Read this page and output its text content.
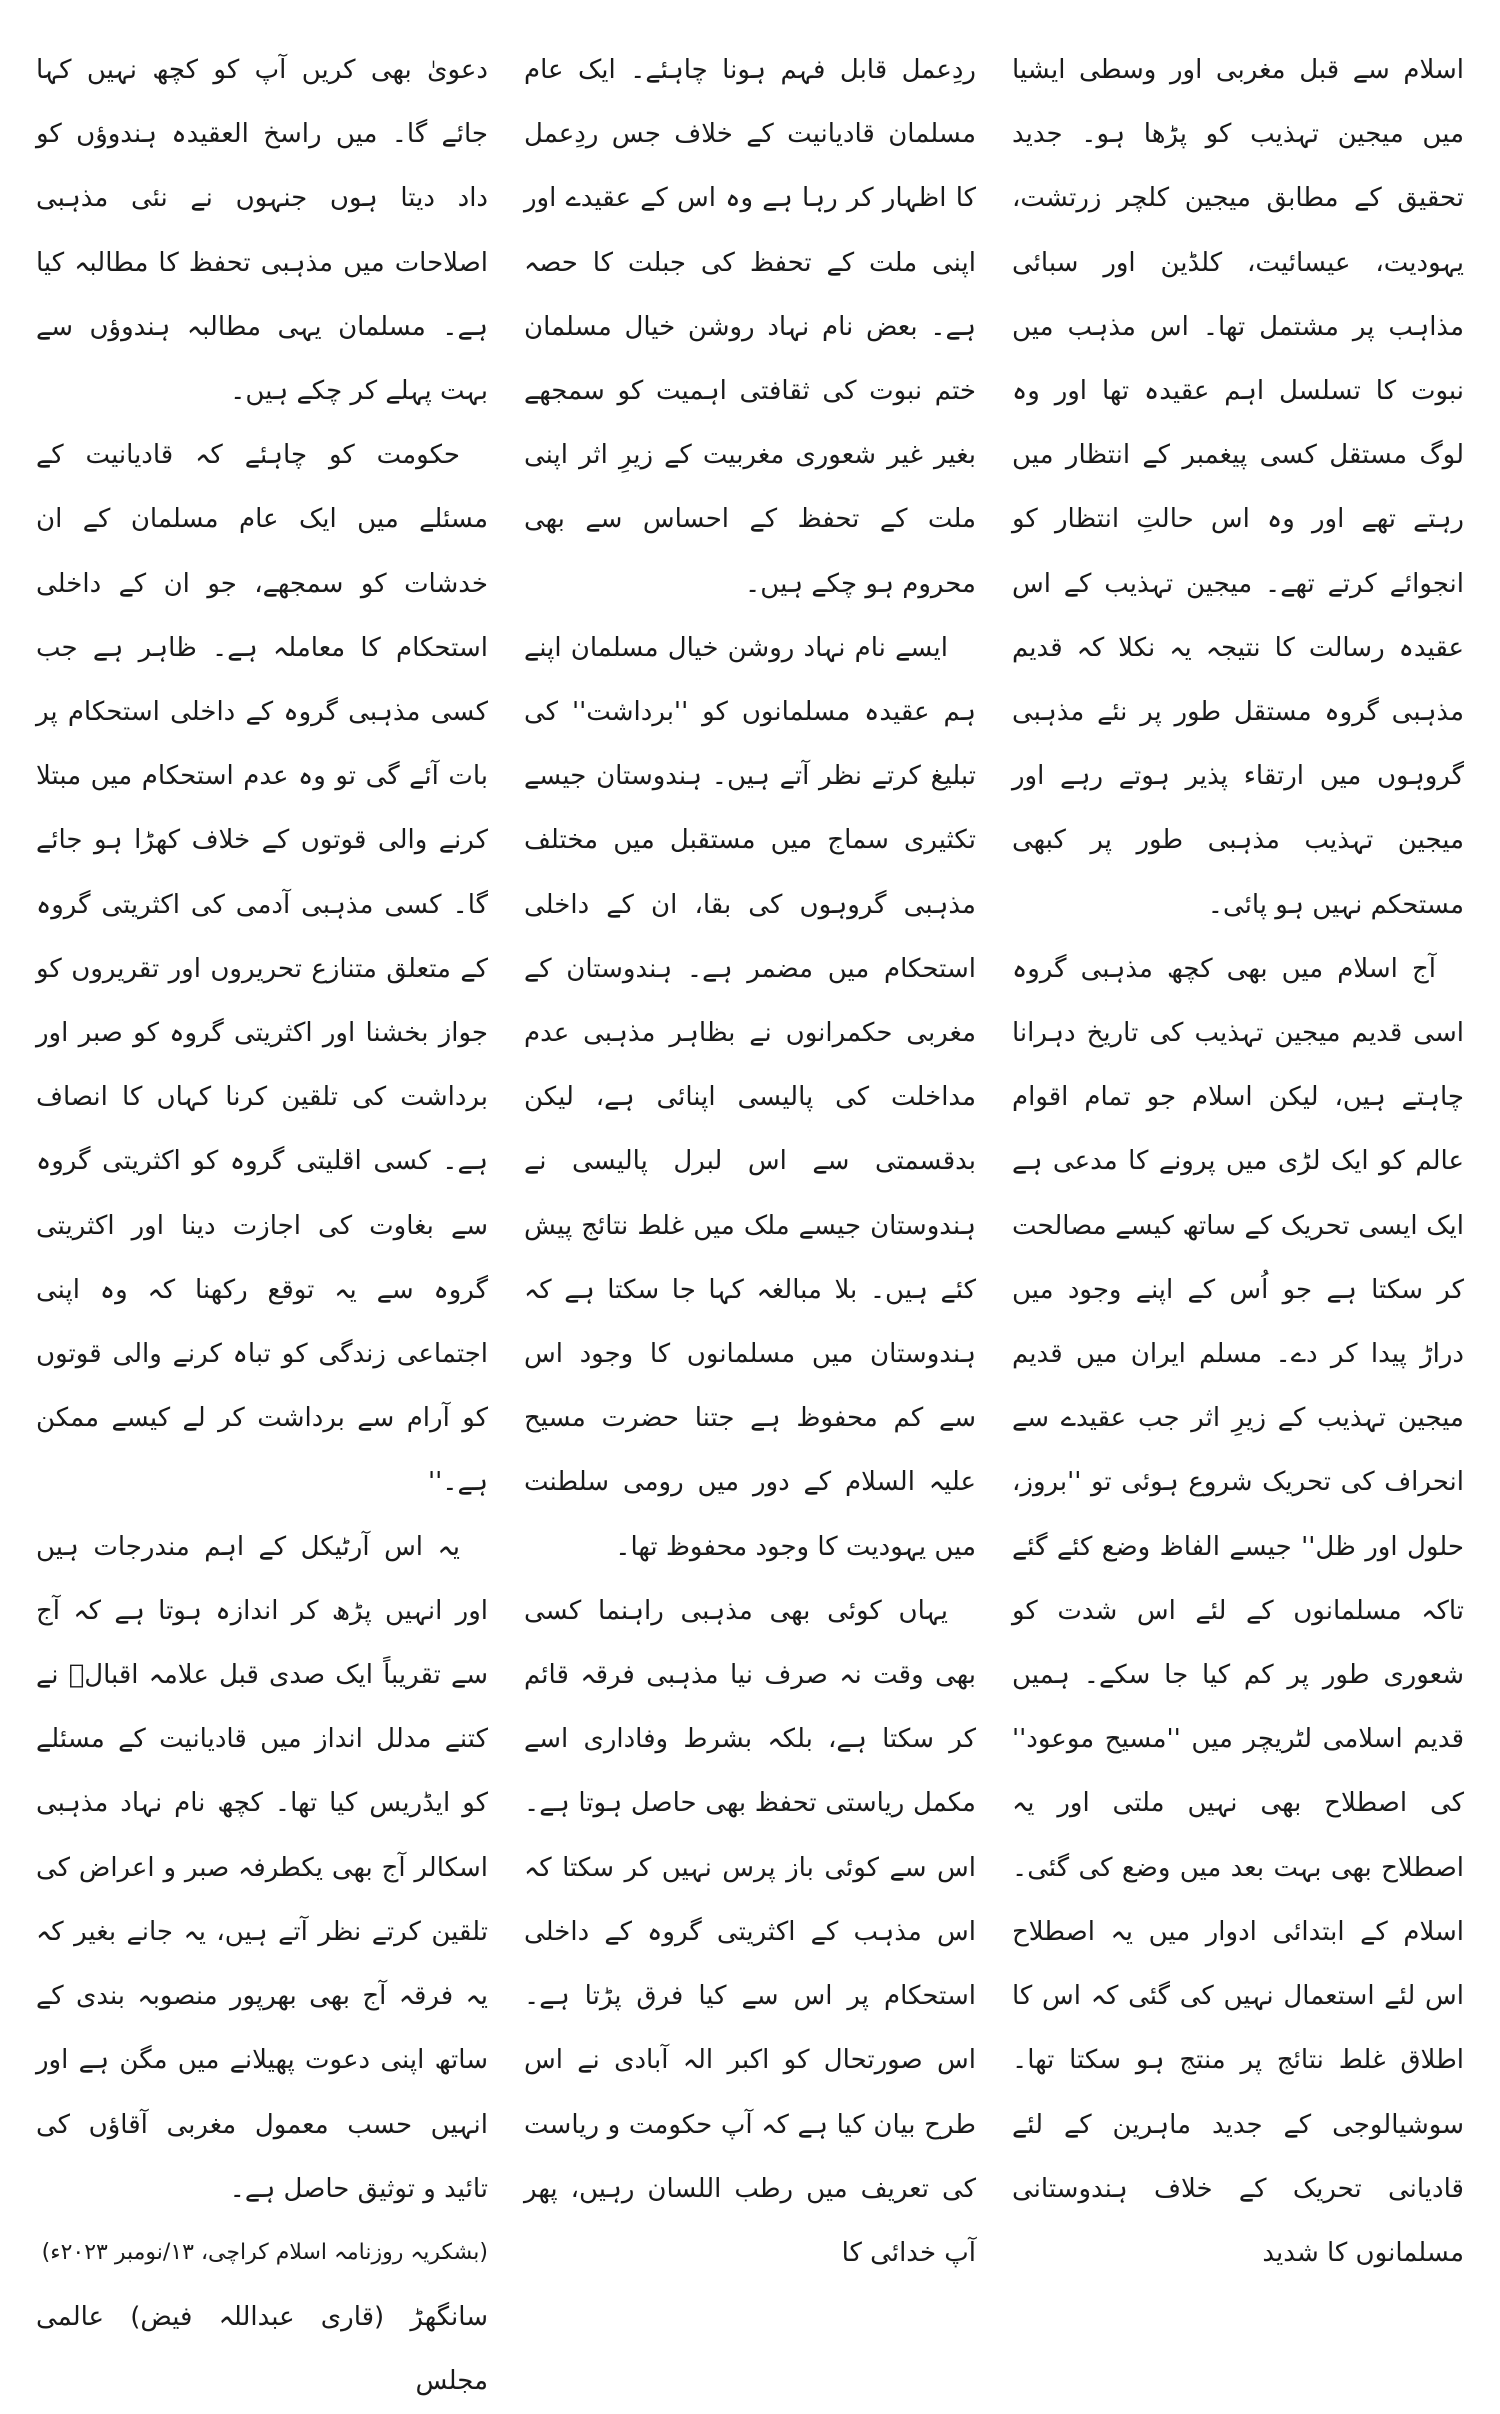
اسلام سے قبل مغربی اور وسطی ایشیا میں میجین تہذیب کو پڑھا ہو۔ جدید تحقیق کے مطابق میجین کلچر زرتشت، یہودیت، عیسائیت، کلڈین اور سبائی مذاہب پر مشتمل تھا۔ اس مذہب میں نبوت کا تسلسل اہم عقیدہ تھا اور وہ لوگ مستقل کسی پیغمبر کے انتظار میں رہتے تھے اور وہ اس حالتِ انتظار کو انجوائے کرتے تھے۔ میجین تہذیب کے اس عقیدہ رسالت کا نتیجہ یہ نکلا کہ قدیم مذہبی گروہ مستقل طور پر نئے مذہبی گروہوں میں ارتقاء پذیر ہوتے رہے اور میجین تہذیب مذہبی طور پر کبھی مستحکم نہیں ہو پائی۔

آج اسلام میں بھی کچھ مذہبی گروہ اسی قدیم میجین تہذیب کی تاریخ دہرانا چاہتے ہیں، لیکن اسلام جو تمام اقوام عالم کو ایک لڑی میں پرونے کا مدعی ہے ایک ایسی تحریک کے ساتھ کیسے مصالحت کر سکتا ہے جو اُس کے اپنے وجود میں دراڑ پیدا کر دے۔ مسلم ایران میں قدیم میجین تہذیب کے زیرِ اثر جب عقیدے سے انحراف کی تحریک شروع ہوئی تو ''بروز، حلول اور ظل'' جیسے الفاظ وضع کئے گئے تاکہ مسلمانوں کے لئے اس شدت کو شعوری طور پر کم کیا جا سکے۔ ہمیں قدیم اسلامی لٹریچر میں ''مسیح موعود'' کی اصطلاح بھی نہیں ملتی اور یہ اصطلاح بھی بہت بعد میں وضع کی گئی۔ اسلام کے ابتدائی ادوار میں یہ اصطلاح اس لئے استعمال نہیں کی گئی کہ اس کا اطلاق غلط نتائج پر منتج ہو سکتا تھا۔ سوشیالوجی کے جدید ماہرین کے لئے قادیانی تحریک کے خلاف ہندوستانی مسلمانوں کا شدید

ردِعمل قابل فہم ہونا چاہئے۔ ایک عام مسلمان قادیانیت کے خلاف جس ردِعمل کا اظہار کر رہا ہے وہ اس کے عقیدے اور اپنی ملت کے تحفظ کی جبلت کا حصہ ہے۔ بعض نام نہاد روشن خیال مسلمان ختم نبوت کی ثقافتی اہمیت کو سمجھے بغیر غیر شعوری مغربیت کے زیرِ اثر اپنی ملت کے تحفظ کے احساس سے بھی محروم ہو چکے ہیں۔

ایسے نام نہاد روشن خیال مسلمان اپنے ہم عقیدہ مسلمانوں کو ''برداشت'' کی تبلیغ کرتے نظر آتے ہیں۔ ہندوستان جیسے تکثیری سماج میں مستقبل میں مختلف مذہبی گروہوں کی بقا، ان کے داخلی استحکام میں مضمر ہے۔ ہندوستان کے مغربی حکمرانوں نے بظاہر مذہبی عدم مداخلت کی پالیسی اپنائی ہے، لیکن بدقسمتی سے اس لبرل پالیسی نے ہندوستان جیسے ملک میں غلط نتائج پیش کئے ہیں۔ بلا مبالغہ کہا جا سکتا ہے کہ ہندوستان میں مسلمانوں کا وجود اس سے کم محفوظ ہے جتنا حضرت مسیح علیہ السلام کے دور میں رومی سلطنت میں یہودیت کا وجود محفوظ تھا۔

یہاں کوئی بھی مذہبی راہنما کسی بھی وقت نہ صرف نیا مذہبی فرقہ قائم کر سکتا ہے، بلکہ بشرط وفاداری اسے مکمل ریاستی تحفظ بھی حاصل ہوتا ہے۔ اس سے کوئی باز پرس نہیں کر سکتا کہ اس مذہب کے اکثریتی گروہ کے داخلی استحکام پر اس سے کیا فرق پڑتا ہے۔ اس صورتحال کو اکبر الہ آبادی نے اس طرح بیان کیا ہے کہ آپ حکومت و ریاست کی تعریف میں رطب اللسان رہیں، پھر آپ خدائی کا

دعویٰ بھی کریں آپ کو کچھ نہیں کہا جائے گا۔ میں راسخ العقیدہ ہندوؤں کو داد دیتا ہوں جنہوں نے نئی مذہبی اصلاحات میں مذہبی تحفظ کا مطالبہ کیا ہے۔ مسلمان یہی مطالبہ ہندوؤں سے بہت پہلے کر چکے ہیں۔

حکومت کو چاہئے کہ قادیانیت کے مسئلے میں ایک عام مسلمان کے ان خدشات کو سمجھے، جو ان کے داخلی استحکام کا معاملہ ہے۔ ظاہر ہے جب کسی مذہبی گروہ کے داخلی استحکام پر بات آئے گی تو وہ عدم استحکام میں مبتلا کرنے والی قوتوں کے خلاف کھڑا ہو جائے گا۔ کسی مذہبی آدمی کی اکثریتی گروہ کے متعلق متنازع تحریروں اور تقریروں کو جواز بخشنا اور اکثریتی گروہ کو صبر اور برداشت کی تلقین کرنا کہاں کا انصاف ہے۔ کسی اقلیتی گروہ کو اکثریتی گروہ سے بغاوت کی اجازت دینا اور اکثریتی گروہ سے یہ توقع رکھنا کہ وہ اپنی اجتماعی زندگی کو تباہ کرنے والی قوتوں کو آرام سے برداشت کر لے کیسے ممکن ہے۔''

یہ اس آرٹیکل کے اہم مندرجات ہیں اور انہیں پڑھ کر اندازہ ہوتا ہے کہ آج سے تقریباً ایک صدی قبل علامہ اقبالؒ نے کتنے مدلل انداز میں قادیانیت کے مسئلے کو ایڈریس کیا تھا۔ کچھ نام نہاد مذہبی اسکالر آج بھی یکطرفہ صبر و اعراض کی تلقین کرتے نظر آتے ہیں، یہ جانے بغیر کہ یہ فرقہ آج بھی بھرپور منصوبہ بندی کے ساتھ اپنی دعوت پھیلانے میں مگن ہے اور انہیں حسب معمول مغربی آقاؤں کی تائید و توثیق حاصل ہے۔

(بشکریہ روزنامہ اسلام کراچی، ۱۳/نومبر ۲۰۲۳ء)

سانگھڑ (قاری عبداللہ فیض) عالمی مجلس
